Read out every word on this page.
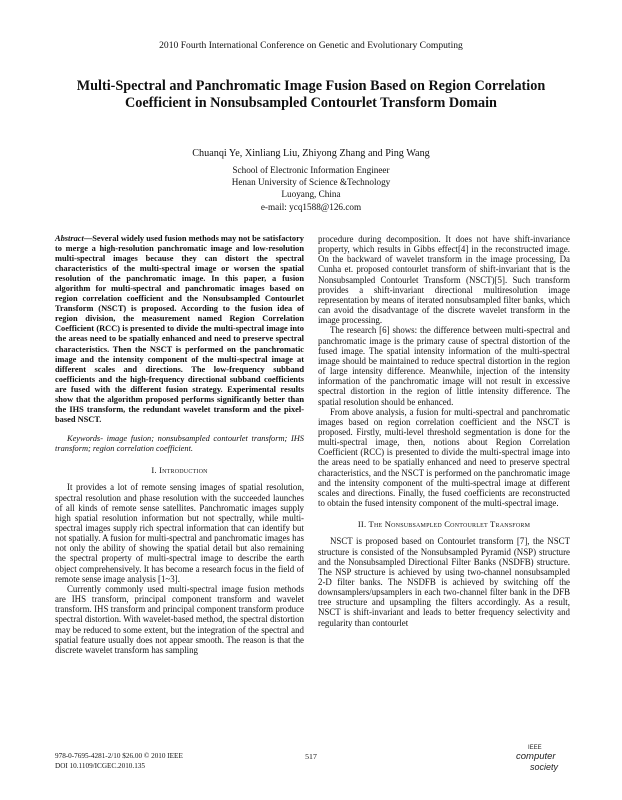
2010 Fourth International Conference on Genetic and Evolutionary Computing
Multi-Spectral and Panchromatic Image Fusion Based on Region Correlation
Coefficient in Nonsubsampled Contourlet Transform Domain
Chuanqi Ye, Xinliang Liu, Zhiyong Zhang and Ping Wang
School of Electronic Information Engineer
Henan University of Science &Technology
Luoyang, China
e-mail: ycq1588@126.com

Abstract—Several widely used fusion methods may not be satisfactory to merge a high-resolution panchromatic image and low-resolution multi-spectral images because they can distort the spectral characteristics of the multi-spectral image or worsen the spatial resolution of the panchromatic image. In this paper, a fusion algorithm for multi-spectral and panchromatic images based on region correlation coefficient and the Nonsubsampled Contourlet Transform (NSCT) is proposed. According to the fusion idea of region division, the measurement named Region Correlation Coefficient (RCC) is presented to divide the multi-spectral image into the areas need to be spatially enhanced and need to preserve spectral characteristics. Then the NSCT is performed on the panchromatic image and the intensity component of the multi-spectral image at different scales and directions. The low-frequency subband coefficients and the high-frequency directional subband coefficients are fused with the different fusion strategy. Experimental results show that the algorithm proposed performs significantly better than the IHS transform, the redundant wavelet transform and the pixel-based NSCT.

Keywords- image fusion; nonsubsampled contourlet transform; IHS transform; region correlation coefficient.

I. Introduction

It provides a lot of remote sensing images of spatial resolution, spectral resolution and phase resolution with the succeeded launches of all kinds of remote sense satellites. Panchromatic images supply high spatial resolution information but not spectrally, while multi-spectral images supply rich spectral information that can identify but not spatially. A fusion for multi-spectral and panchromatic images has not only the ability of showing the spatial detail but also remaining the spectral property of multi-spectral image to describe the earth object comprehensively. It has become a research focus in the field of remote sense image analysis [1~3].

Currently commonly used multi-spectral image fusion methods are IHS transform, principal component transform and wavelet transform. IHS transform and principal component transform produce spectral distortion. With wavelet-based method, the spectral distortion may be reduced to some extent, but the integration of the spectral and spatial feature usually does not appear smooth. The reason is that the discrete wavelet transform has sampling

procedure during decomposition. It does not have shift-invariance property, which results in Gibbs effect[4] in the reconstructed image. On the backward of wavelet transform in the image processing, Da Cunha et. proposed contourlet transform of shift-invariant that is the Nonsubsampled Contourlet Transform (NSCT)[5]. Such transform provides a shift-invariant directional multiresolution image representation by means of iterated nonsubsampled filter banks, which can avoid the disadvantage of the discrete wavelet transform in the image processing.

The research [6] shows: the difference between multi-spectral and panchromatic image is the primary cause of spectral distortion of the fused image. The spatial intensity information of the multi-spectral image should be maintained to reduce spectral distortion in the region of large intensity difference. Meanwhile, injection of the intensity information of the panchromatic image will not result in excessive spectral distortion in the region of little intensity difference. The spatial resolution should be enhanced.

From above analysis, a fusion for multi-spectral and panchromatic images based on region correlation coefficient and the NSCT is proposed. Firstly, multi-level threshold segmentation is done for the multi-spectral image, then, notions about Region Correlation Coefficient (RCC) is presented to divide the multi-spectral image into the areas need to be spatially enhanced and need to preserve spectral characteristics, and the NSCT is performed on the panchromatic image and the intensity component of the multi-spectral image at different scales and directions. Finally, the fused coefficients are reconstructed to obtain the fused intensity component of the multi-spectral image.

II. The Nonsubsampled Contourlet Transform

NSCT is proposed based on Contourlet transform [7], the NSCT structure is consisted of the Nonsubsampled Pyramid (NSP) structure and the Nonsubsampled Directional Filter Banks (NSDFB) structure. The NSP structure is achieved by using two-channel nonsubsampled 2-D filter banks. The NSDFB is achieved by switching off the downsamplers/upsamplers in each two-channel filter bank in the DFB tree structure and upsampling the filters accordingly. As a result, NSCT is shift-invariant and leads to better frequency selectivity and regularity than contourlet

978-0-7695-4281-2/10 $26.00 © 2010 IEEE
DOI 10.1109/ICGEC.2010.135
517
IEEE
computer
society
